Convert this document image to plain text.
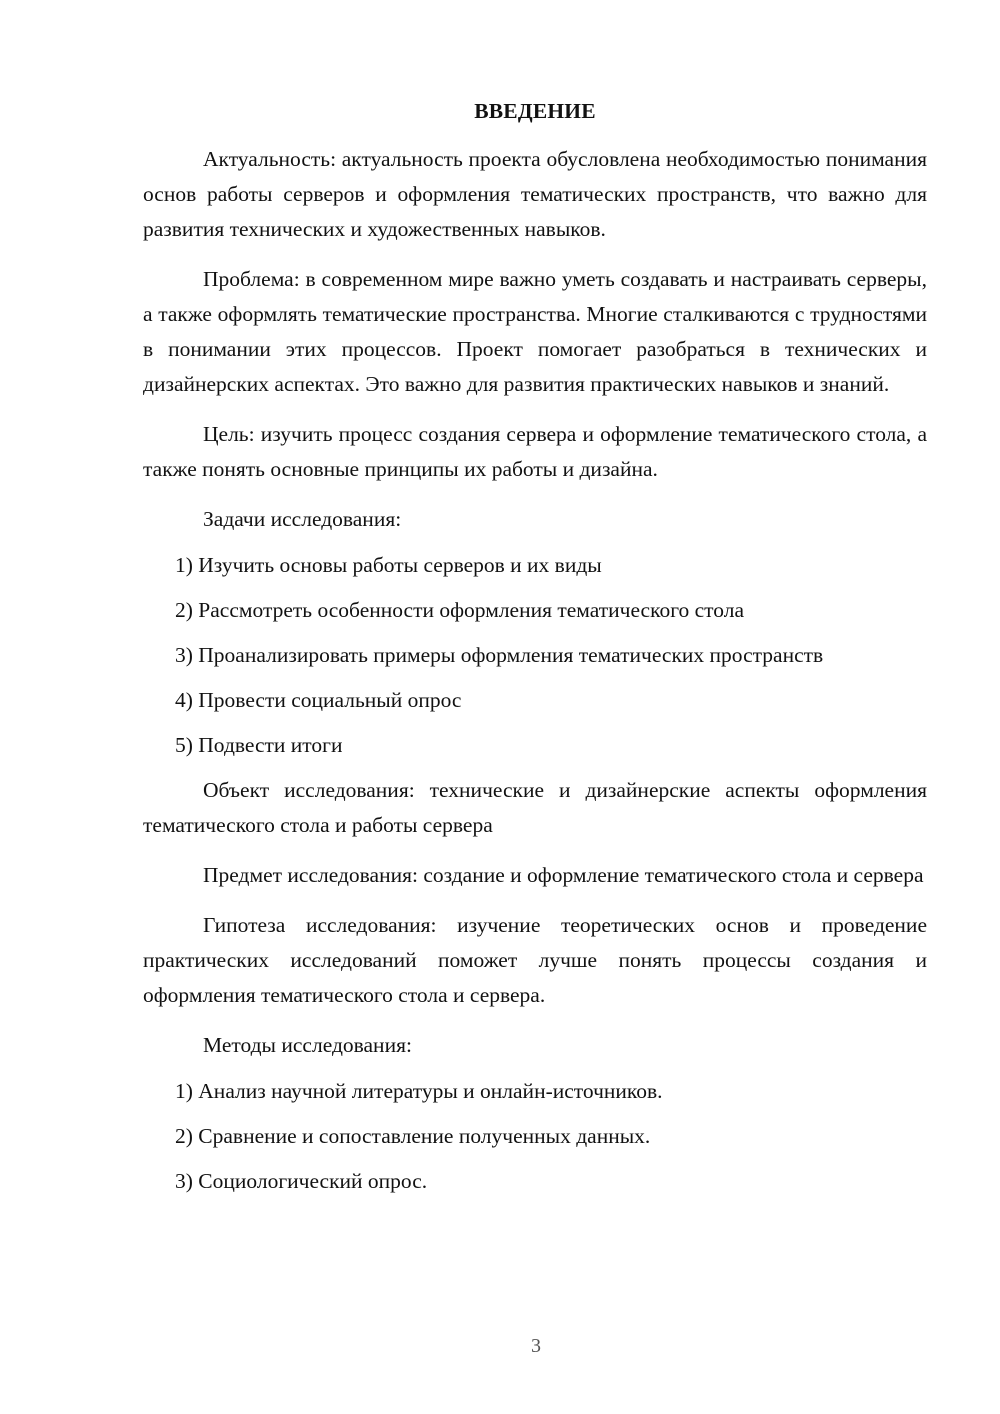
ВВЕДЕНИЕ

Актуальность: актуальность проекта обусловлена необходимостью понимания основ работы серверов и оформления тематических пространств, что важно для развития технических и художественных навыков.

Проблема: в современном мире важно уметь создавать и настраивать серверы, а также оформлять тематические пространства. Многие сталкиваются с трудностями в понимании этих процессов. Проект помогает разобраться в технических и дизайнерских аспектах. Это важно для развития практических навыков и знаний.

Цель: изучить процесс создания сервера и оформление тематического стола, а также понять основные принципы их работы и дизайна.

Задачи исследования:

1) Изучить основы работы серверов и их виды

2) Рассмотреть особенности оформления тематического стола

3) Проанализировать примеры оформления тематических пространств

4) Провести социальный опрос

5) Подвести итоги

Объект исследования: технические и дизайнерские аспекты оформления тематического стола и работы сервера

Предмет исследования: создание и оформление тематического стола и сервера

Гипотеза исследования: изучение теоретических основ и проведение практических исследований поможет лучше понять процессы создания и оформления тематического стола и сервера.

Методы исследования:

1) Анализ научной литературы и онлайн-источников.

2) Сравнение и сопоставление полученных данных.

3) Социологический опрос.

3
